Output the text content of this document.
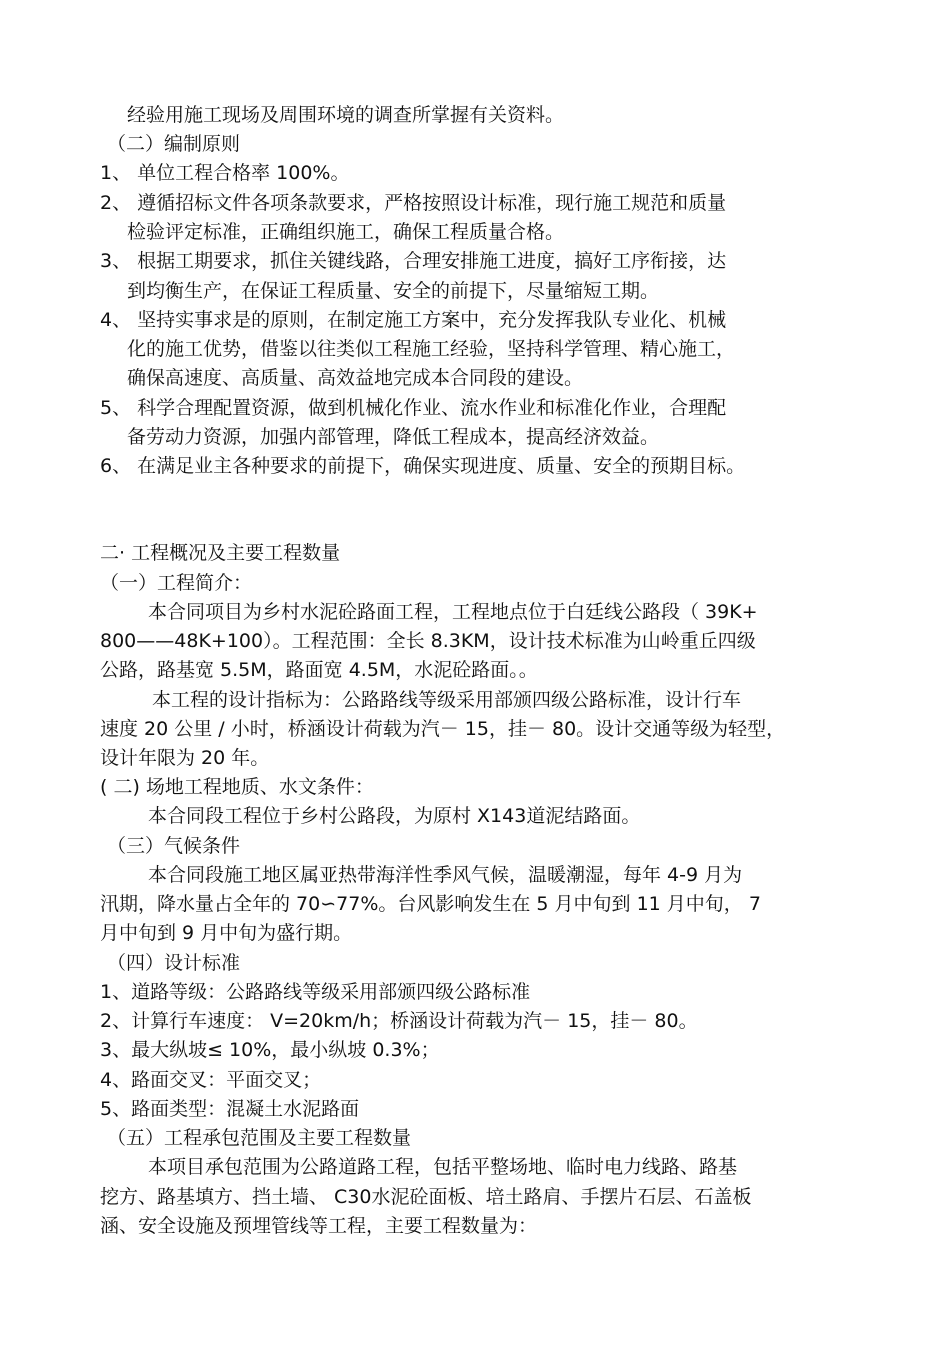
经验用施工现场及周围环境的调查所掌握有关资料。
（二）编制原则
1、 单位工程合格率 100%。
2、 遵循招标文件各项条款要求，严格按照设计标准，现行施工规范和质量
检验评定标准，正确组织施工，确保工程质量合格。
3、 根据工期要求，抓住关键线路，合理安排施工进度，搞好工序衔接，达
到均衡生产，在保证工程质量、安全的前提下，尽量缩短工期。
4、 坚持实事求是的原则，在制定施工方案中，充分发挥我队专业化、机械
化的施工优势，借鉴以往类似工程施工经验，坚持科学管理、精心施工，
确保高速度、高质量、高效益地完成本合同段的建设。
5、 科学合理配置资源，做到机械化作业、流水作业和标准化作业，合理配
备劳动力资源，加强内部管理，降低工程成本，提高经济效益。
6、 在满足业主各种要求的前提下，确保实现进度、质量、安全的预期目标。
二· 工程概况及主要工程数量
（一）工程简介：
本合同项目为乡村水泥砼路面工程，工程地点位于白廷线公路段（ 39K+
800——48K+100）。工程范围：全长 8.3KM，设计技术标准为山岭重丘四级
公路，路基宽 5.5M，路面宽 4.5M，水泥砼路面。。
本工程的设计指标为：公路路线等级采用部颁四级公路标准，设计行车
速度 20 公里 / 小时，桥涵设计荷载为汽－ 15，挂－ 80。设计交通等级为轻型，
设计年限为 20 年。
( 二) 场地工程地质、水文条件：
本合同段工程位于乡村公路段，为原村 X143道泥结路面。
（三）气候条件
本合同段施工地区属亚热带海洋性季风气候，温暖潮湿，每年 4-9 月为
汛期，降水量占全年的 70∽77%。台风影响发生在 5 月中旬到 11 月中旬， 7
月中旬到 9 月中旬为盛行期。
（四）设计标准
1、道路等级：公路路线等级采用部颁四级公路标准
2、计算行车速度： V=20km/h；桥涵设计荷载为汽－ 15，挂－ 80。
3、最大纵坡≤ 10%，最小纵坡 0.3%；
4、路面交叉：平面交叉；
5、路面类型：混凝土水泥路面
（五）工程承包范围及主要工程数量
本项目承包范围为公路道路工程，包括平整场地、临时电力线路、路基
挖方、路基填方、挡土墙、 C30水泥砼面板、培土路肩、手摆片石层、石盖板
涵、安全设施及预埋管线等工程，主要工程数量为：
